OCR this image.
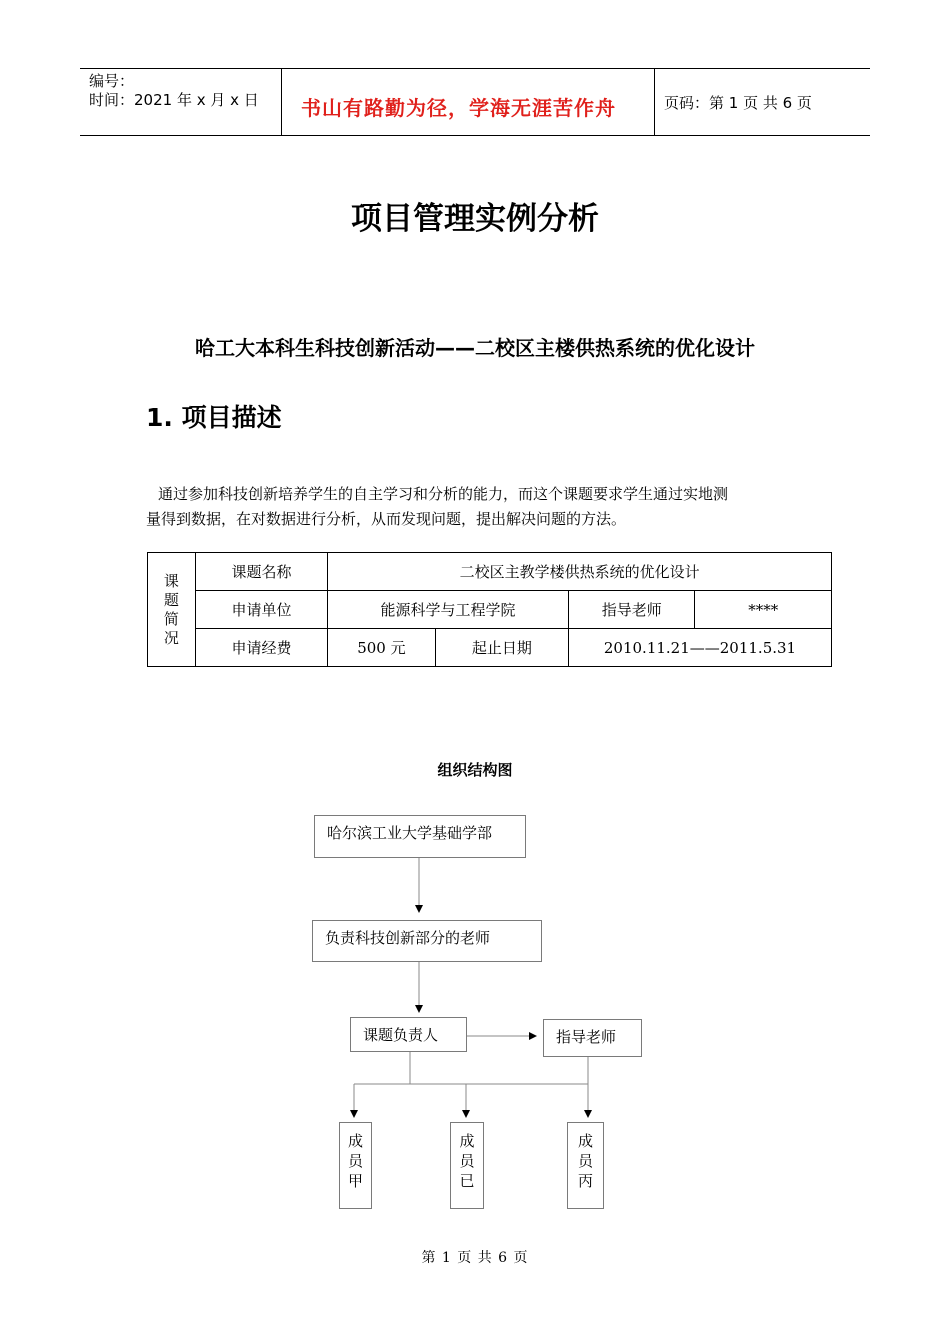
编号：
时间：2021 年 x 月 x 日 书山有路勤为径，学海无涯苦作舟	页码：第 1 页 共 6 页
项目管理实例分析
哈工大本科生科技创新活动——二校区主楼供热系统的优化设计
1. 项目描述
通过参加科技创新培养学生的自主学习和分析的能力，而这个课题要求学生通过实地测
量得到数据，在对数据进行分析，从而发现问题，提出解决问题的方法。
课
题
简
况	课题名称	二校区主教学楼供热系统的优化设计			
	申请单位	能源科学与工程学院		指导老师	****
	申请经费	500 元	起止日期	2010.11.21——2011.5.31	
组织结构图
哈尔滨工业大学基础学部
负责科技创新部分的老师
课题负责人	指导老师
成
员
甲
成
员
已
成
员
丙
第 1 页 共 6 页
